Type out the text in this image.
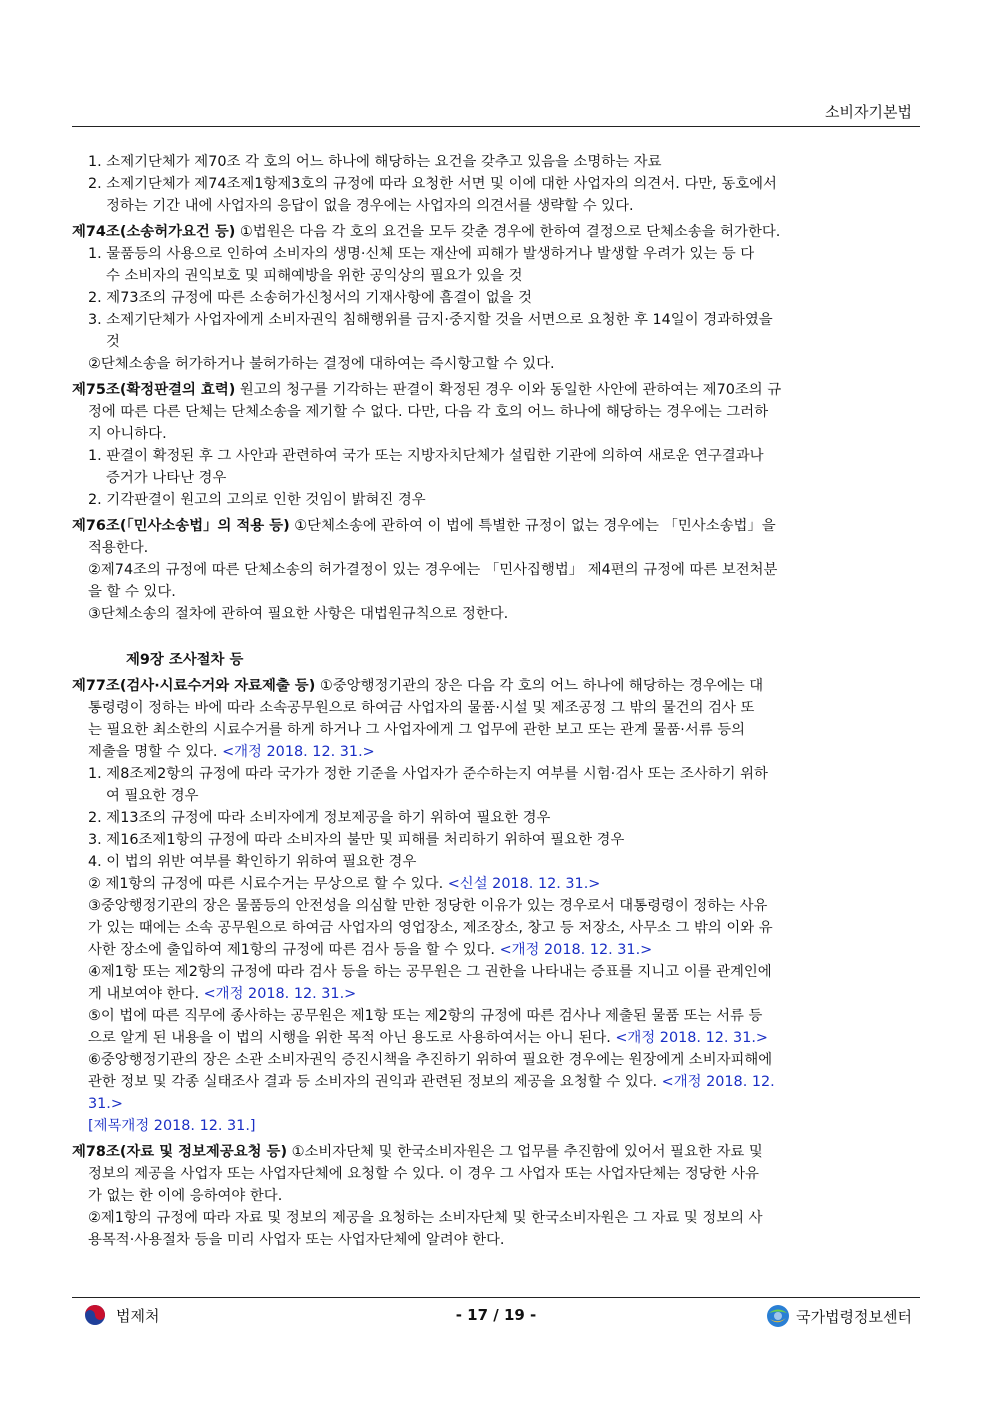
소비자기본법
1. 소제기단체가 제70조 각 호의 어느 하나에 해당하는 요건을 갖추고 있음을 소명하는 자료
2. 소제기단체가 제74조제1항제3호의 규정에 따라 요청한 서면 및 이에 대한 사업자의 의견서. 다만, 동호에서
정하는 기간 내에 사업자의 응답이 없을 경우에는 사업자의 의견서를 생략할 수 있다.
제74조(소송허가요건 등) ①법원은 다음 각 호의 요건을 모두 갖춘 경우에 한하여 결정으로 단체소송을 허가한다.
1. 물품등의 사용으로 인하여 소비자의 생명·신체 또는 재산에 피해가 발생하거나 발생할 우려가 있는 등 다
수 소비자의 권익보호 및 피해예방을 위한 공익상의 필요가 있을 것
2. 제73조의 규정에 따른 소송허가신청서의 기재사항에 흠결이 없을 것
3. 소제기단체가 사업자에게 소비자권익 침해행위를 금지·중지할 것을 서면으로 요청한 후 14일이 경과하였을
것
②단체소송을 허가하거나 불허가하는 결정에 대하여는 즉시항고할 수 있다.
제75조(확정판결의 효력) 원고의 청구를 기각하는 판결이 확정된 경우 이와 동일한 사안에 관하여는 제70조의 규
정에 따른 다른 단체는 단체소송을 제기할 수 없다. 다만, 다음 각 호의 어느 하나에 해당하는 경우에는 그러하
지 아니하다.
1. 판결이 확정된 후 그 사안과 관련하여 국가 또는 지방자치단체가 설립한 기관에 의하여 새로운 연구결과나
증거가 나타난 경우
2. 기각판결이 원고의 고의로 인한 것임이 밝혀진 경우
제76조(「민사소송법」의 적용 등) ①단체소송에 관하여 이 법에 특별한 규정이 없는 경우에는 「민사소송법」을
적용한다.
②제74조의 규정에 따른 단체소송의 허가결정이 있는 경우에는 「민사집행법」 제4편의 규정에 따른 보전처분
을 할 수 있다.
③단체소송의 절차에 관하여 필요한 사항은 대법원규칙으로 정한다.
제9장 조사절차 등
제77조(검사·시료수거와 자료제출 등) ①중앙행정기관의 장은 다음 각 호의 어느 하나에 해당하는 경우에는 대
통령령이 정하는 바에 따라 소속공무원으로 하여금 사업자의 물품·시설 및 제조공정 그 밖의 물건의 검사 또
는 필요한 최소한의 시료수거를 하게 하거나 그 사업자에게 그 업무에 관한 보고 또는 관계 물품·서류 등의
제출을 명할 수 있다. <개정 2018. 12. 31.>
1. 제8조제2항의 규정에 따라 국가가 정한 기준을 사업자가 준수하는지 여부를 시험·검사 또는 조사하기 위하
여 필요한 경우
2. 제13조의 규정에 따라 소비자에게 정보제공을 하기 위하여 필요한 경우
3. 제16조제1항의 규정에 따라 소비자의 불만 및 피해를 처리하기 위하여 필요한 경우
4. 이 법의 위반 여부를 확인하기 위하여 필요한 경우
② 제1항의 규정에 따른 시료수거는 무상으로 할 수 있다. <신설 2018. 12. 31.>
③중앙행정기관의 장은 물품등의 안전성을 의심할 만한 정당한 이유가 있는 경우로서 대통령령이 정하는 사유
가 있는 때에는 소속 공무원으로 하여금 사업자의 영업장소, 제조장소, 창고 등 저장소, 사무소 그 밖의 이와 유
사한 장소에 출입하여 제1항의 규정에 따른 검사 등을 할 수 있다. <개정 2018. 12. 31.>
④제1항 또는 제2항의 규정에 따라 검사 등을 하는 공무원은 그 권한을 나타내는 증표를 지니고 이를 관계인에
게 내보여야 한다. <개정 2018. 12. 31.>
⑤이 법에 따른 직무에 종사하는 공무원은 제1항 또는 제2항의 규정에 따른 검사나 제출된 물품 또는 서류 등
으로 알게 된 내용을 이 법의 시행을 위한 목적 아닌 용도로 사용하여서는 아니 된다. <개정 2018. 12. 31.>
⑥중앙행정기관의 장은 소관 소비자권익 증진시책을 추진하기 위하여 필요한 경우에는 원장에게 소비자피해에
관한 정보 및 각종 실태조사 결과 등 소비자의 권익과 관련된 정보의 제공을 요청할 수 있다. <개정 2018. 12.
31.>
[제목개정 2018. 12. 31.]
제78조(자료 및 정보제공요청 등) ①소비자단체 및 한국소비자원은 그 업무를 추진함에 있어서 필요한 자료 및
정보의 제공을 사업자 또는 사업자단체에 요청할 수 있다. 이 경우 그 사업자 또는 사업자단체는 정당한 사유
가 없는 한 이에 응하여야 한다.
②제1항의 규정에 따라 자료 및 정보의 제공을 요청하는 소비자단체 및 한국소비자원은 그 자료 및 정보의 사
용목적·사용절차 등을 미리 사업자 또는 사업자단체에 알려야 한다.
법제처	- 17 / 19 -	국가법령정보센터
